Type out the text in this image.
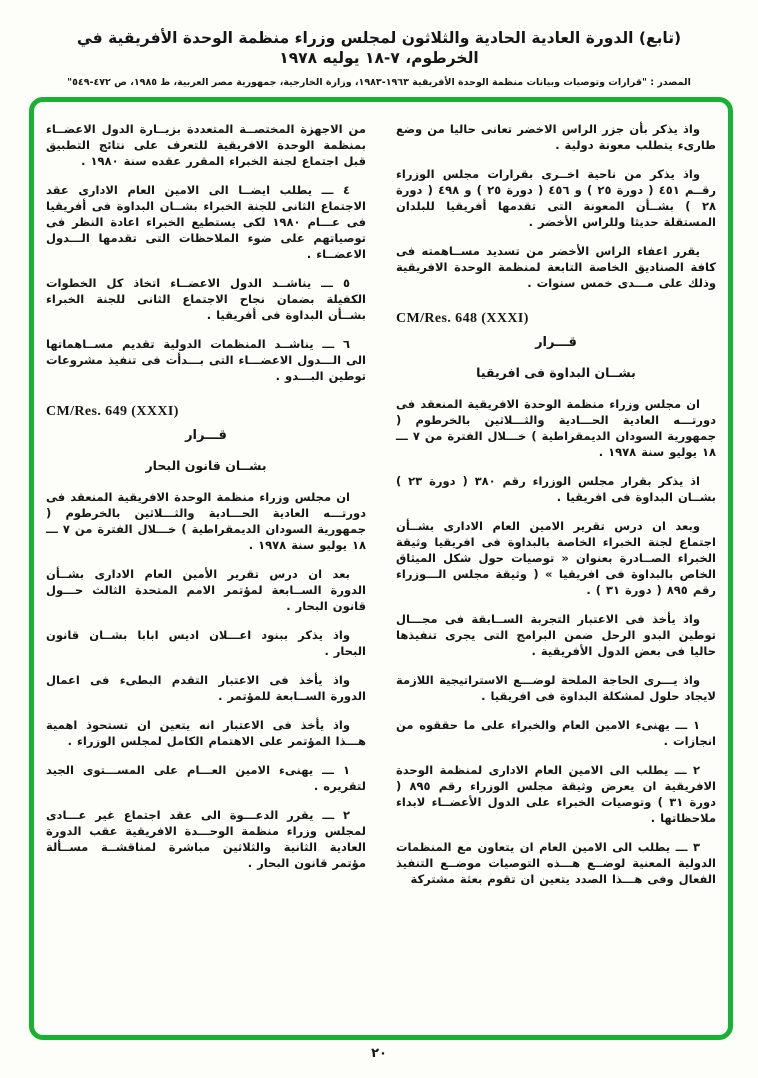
(تابع) الدورة العادية الحادية والثلاثون لمجلس وزراء منظمة الوحدة الأفريقية في الخرطوم، ٧-١٨ يوليه ١٩٧٨
المصدر : "قرارات وتوصيات وبيانات منظمة الوحدة الأفريقية ١٩٦٣-١٩٨٣، وزارة الخارجية، جمهورية مصر العربية، ط ١٩٨٥، ص ٤٧٢-٥٤٩"

واذ يذكر بأن جزر الراس الاخضر تعانى حاليا من وضع طارىء يتطلب معونة دولية .

واذ يذكر من ناحية اخــرى بقرارات مجلس الوزراء رقــم ٤٥١ ( دورة ٢٥ ) و ٤٥٦ ( دورة ٢٥ ) و ٤٩٨ ( دورة ٢٨ ) بشــأن المعونة التى تقدمها أفريقيا للبلدان المستقلة حديثا وللراس الأخضر .

يقرر اعفاء الراس الأخضر من تسديد مســاهمته فى كافة الصناديق الخاصة التابعة لمنظمة الوحدة الافريقية وذلك على مـــدى خمس سنوات .

CM/Res. 648 (XXXI)
قـــرار
بشــان البداوة فى افريقيا

ان مجلس وزراء منظمة الوحدة الافريقية المنعقد فى دورتـــه العادية الحـــادية والثـــلاثين بالخرطوم ( جمهورية السودان الديمقراطية ) خـــلال الفترة من ٧ ـــ ١٨ يوليو سنة ١٩٧٨ .

اذ يذكر بقرار مجلس الوزراء رقم ٣٨٠ ( دورة ٢٣ ) بشــان البداوة فى افريقيا .

وبعد ان درس تقرير الامين العام الادارى بشــأن اجتماع لجنة الخبراء الخاصة بالبداوة فى افريقيا وثيقة الخبراء الصــادرة بعنوان « توصيات حول شكل الميثاق الخاص بالبداوة فى افريقيا » ( وثيقة مجلس الـــوزراء رقم ٨٩٥ ( دورة ٣١ ) .

واذ يأخذ فى الاعتبار التجربة الســابقة فى مجـــال توطين البدو الرحل ضمن البرامج التى يجرى تنفيذها حاليا فى بعض الدول الأفريقية .

واذ يـــرى الحاجة الملحة لوضـــع الاستراتيجية اللازمة لايجاد حلول لمشكلة البداوة فى افريقيا .

١ ـــ يهنىء الامين العام والخبراء على ما حققوه من انجازات .

٢ ـــ يطلب الى الامين العام الادارى لمنظمة الوحدة الافريقية ان يعرض وثيقة مجلس الوزراء رقم ٨٩٥ ( دورة ٣١ ) وتوصيات الخبراء على الدول الأعضــاء لابداء ملاحظاتها .

٣ ـــ يطلب الى الامين العام ان يتعاون مع المنظمات الدولية المعنية لوضــع هـــذه التوصيات موضــع التنفيذ الفعال وفى هـــذا الصدد يتعين ان تقوم بعثة مشتركة

من الاجهزة المختصــة المتعددة بزيــارة الدول الاعضــاء بمنظمة الوحدة الافريقية للتعرف على نتائج التطبيق قبل اجتماع لجنة الخبراء المقرر عقده سنة ١٩٨٠ .

٤ ـــ يطلب ايضــا الى الامين العام الادارى عقد الاجتماع الثانى للجنة الخبراء بشــان البداوة فى أفريقيا فى عـــام ١٩٨٠ لكى يستطيع الخبراء اعادة النظر فى توصياتهم على ضوء الملاحظات التى تقدمها الـــدول الاعضــاء .

٥ ـــ يناشــد الدول الاعضــاء اتخاذ كل الخطوات الكفيلة بضمان نجاح الاجتماع الثانى للجنة الخبراء بشــأن البداوة فى أفريقيا .

٦ ـــ يناشــد المنظمات الدولية تقديم مســاهماتها الى الـــدول الاعضـــاء التى بـــدأت فى تنفيذ مشروعات توطين البـــدو .

CM/Res. 649 (XXXI)
قـــرار
بشــان قانون البحار

ان مجلس وزراء منظمة الوحدة الافريقية المنعقد فى دورتـــه العادية الحـــادية والثـــلاثين بالخرطوم ( جمهورية السودان الديمقراطية ) خـــلال الفترة من ٧ ـــ ١٨ يوليو سنة ١٩٧٨ .

بعد ان درس تقرير الأمين العام الادارى بشــأن الدورة الســابعة لمؤتمر الامم المتحدة الثالث حـــول قانون البحار .

واذ يذكر ببنود اعـــلان اديس ابابا بشــان قانون البحار .

واذ يأخذ فى الاعتبار التقدم البطىء فى اعمال الدورة الســابعة للمؤتمر .

واذ يأخذ فى الاعتبار انه يتعين ان تستحوذ اهمية هـــذا المؤتمر على الاهتمام الكامل لمجلس الوزراء .

١ ـــ يهنىء الامين العـــام على المســـتوى الجيد لتقريره .

٢ ـــ يقرر الدعـــوة الى عقد اجتماع غير عـــادى لمجلس وزراء منظمة الوحـــدة الافريقية عقب الدورة العادية الثانية والثلاثين مباشرة لمناقشــة مســألة مؤتمر قانون البحار .

٢٠
